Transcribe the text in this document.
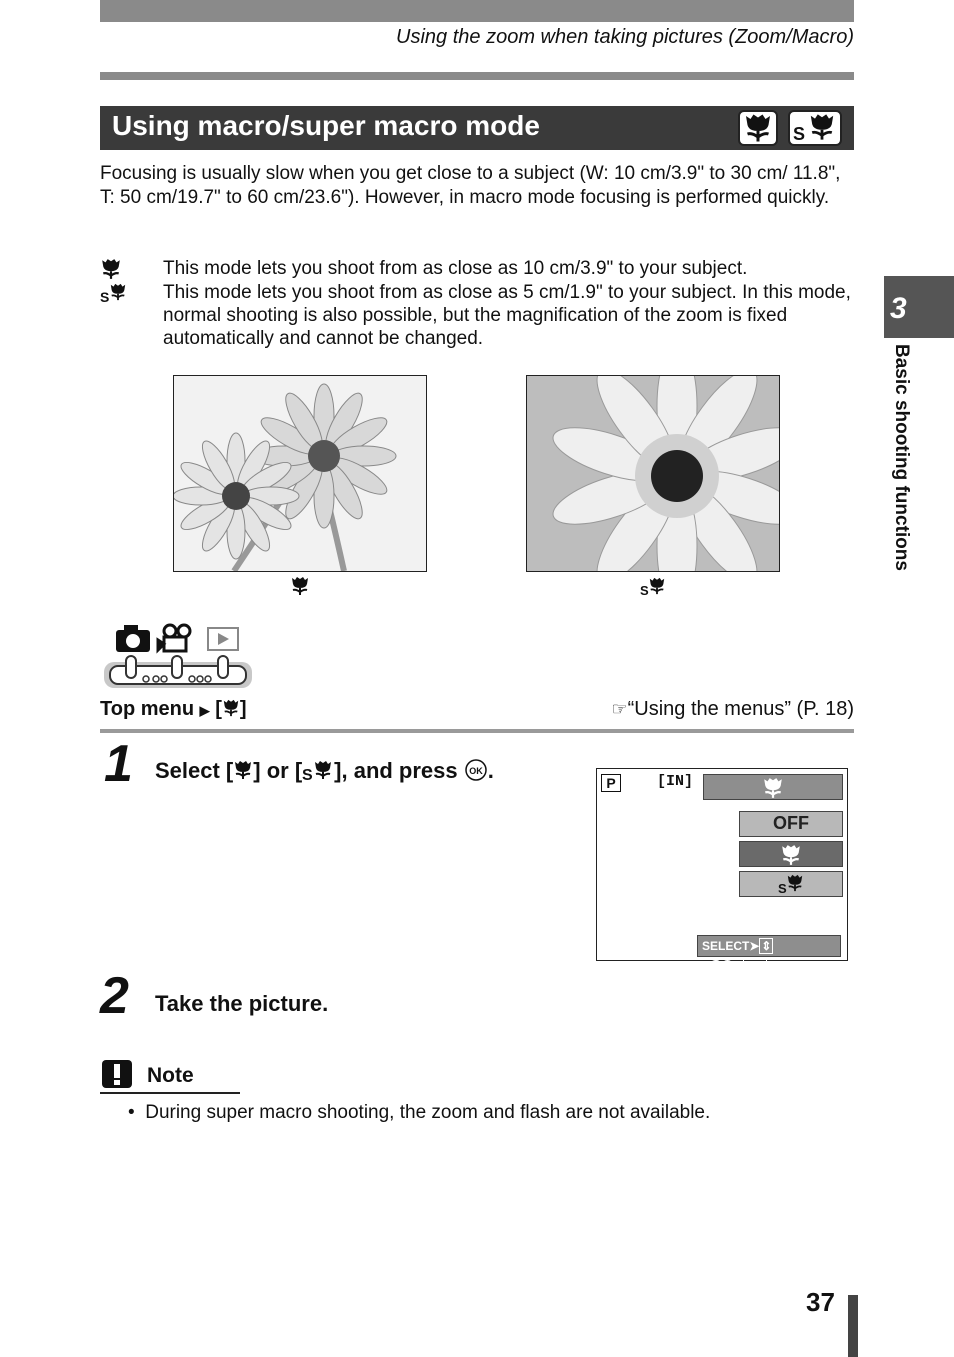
Using the zoom when taking pictures (Zoom/Macro)
Using macro/super macro mode	S
Focusing is usually slow when you get close to a subject (W: 10 cm/3.9" to 30 cm/ 11.8", T: 50 cm/19.7" to 60 cm/23.6"). However, in macro mode focusing is performed quickly.
This mode lets you shoot from as close as 10 cm/3.9" to your subject.
S	This mode lets you shoot from as close as 5 cm/1.9" to your subject. In this mode, normal shooting is also possible, but the magnification of the zoom is fixed automatically and cannot be changed.
S
Top menu ▶ [ ]	☞“Using the menus” (P. 18)
1 Select [ ] or [ S ], and press OK .	P	[IN]
OFF
S
SELECT➤ ⇕ GO➤ OK
2 Take the picture.
Note
• During super macro shooting, the zoom and flash are not available.
3
Basic shooting functions
37
